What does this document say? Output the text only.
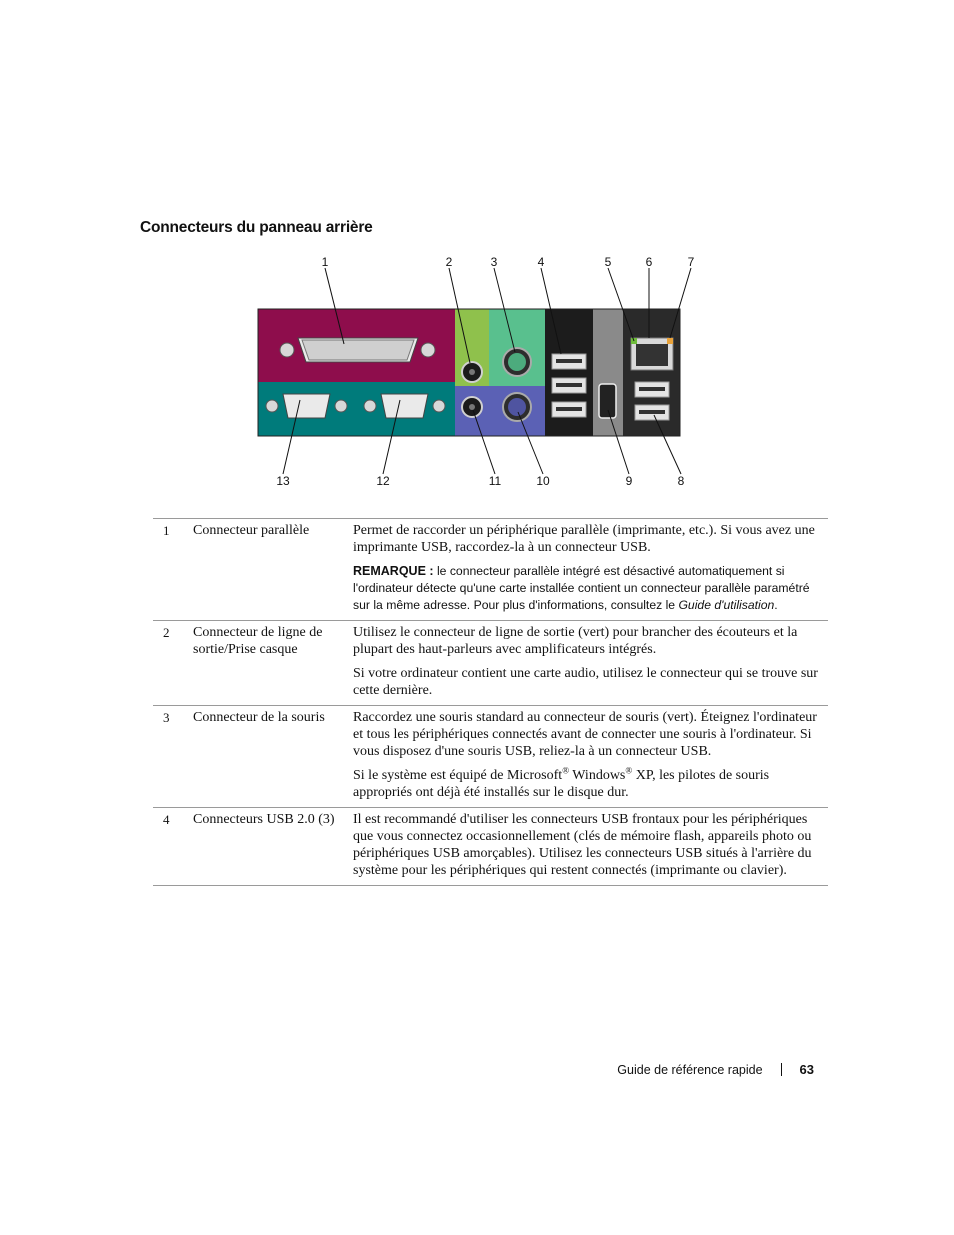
Connecteurs du panneau arrière
1	2	3	4	5	6	7
13	12	11	10	9	8
1	Connecteur parallèle	Permet de raccorder un périphérique parallèle (imprimante, etc.). Si vous avez une imprimante USB, raccordez-la à un connecteur USB.

REMARQUE : le connecteur parallèle intégré est désactivé automatiquement si l'ordinateur détecte qu'une carte installée contient un connecteur parallèle paramétré sur la même adresse. Pour plus d'informations, consultez le Guide d'utilisation.

2	Connecteur de ligne de sortie/Prise casque	Utilisez le connecteur de ligne de sortie (vert) pour brancher des écouteurs et la plupart des haut-parleurs avec amplificateurs intégrés.

Si votre ordinateur contient une carte audio, utilisez le connecteur qui se trouve sur cette dernière.

3	Connecteur de la souris	Raccordez une souris standard au connecteur de souris (vert). Éteignez l'ordinateur et tous les périphériques connectés avant de connecter une souris à l'ordinateur. Si vous disposez d'une souris USB, reliez-la à un connecteur USB.

Si le système est équipé de Microsoft® Windows® XP, les pilotes de souris appropriés ont déjà été installés sur le disque dur.

4	Connecteurs USB 2.0 (3)	Il est recommandé d'utiliser les connecteurs USB frontaux pour les périphériques que vous connectez occasionnellement (clés de mémoire flash, appareils photo ou périphériques USB amorçables). Utilisez les connecteurs USB situés à l'arrière du système pour les périphériques qui restent connectés (imprimante ou clavier).

Guide de référence rapide	63
